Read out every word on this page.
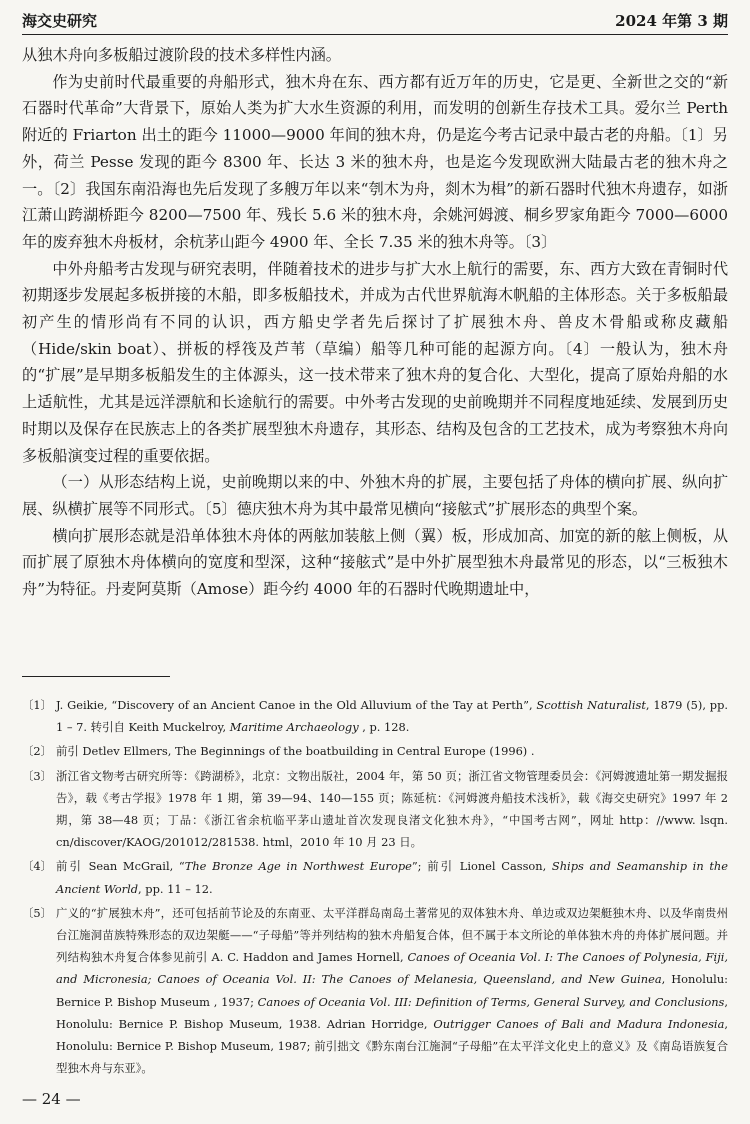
海交史研究	2024 年第 3 期

从独木舟向多板船过渡阶段的技术多样性内涵。

作为史前时代最重要的舟船形式，独木舟在东、西方都有近万年的历史，它是更、全新世之交的“新石器时代革命”大背景下，原始人类为扩大水生资源的利用，而发明的创新生存技术工具。爱尔兰 Perth 附近的 Friarton 出土的距今 11000—9000 年间的独木舟，仍是迄今考古记录中最古老的舟船。〔1〕另外，荷兰 Pesse 发现的距今 8300 年、长达 3 米的独木舟，也是迄今发现欧洲大陆最古老的独木舟之一。〔2〕我国东南沿海也先后发现了多艘万年以来“刳木为舟，剡木为楫”的新石器时代独木舟遗存，如浙江萧山跨湖桥距今 8200—7500 年、残长 5.6 米的独木舟，余姚河姆渡、桐乡罗家角距今 7000—6000 年的废弃独木舟板材，余杭茅山距今 4900 年、全长 7.35 米的独木舟等。〔3〕

中外舟船考古发现与研究表明，伴随着技术的进步与扩大水上航行的需要，东、西方大致在青铜时代初期逐步发展起多板拼接的木船，即多板船技术，并成为古代世界航海木帆船的主体形态。关于多板船最初产生的情形尚有不同的认识，西方船史学者先后探讨了扩展独木舟、兽皮木骨船或称皮藏船（Hide/skin boat）、拼板的桴筏及芦苇（草编）船等几种可能的起源方向。〔4〕一般认为，独木舟的“扩展”是早期多板船发生的主体源头，这一技术带来了独木舟的复合化、大型化，提高了原始舟船的水上适航性，尤其是远洋漂航和长途航行的需要。中外考古发现的史前晚期并不同程度地延续、发展到历史时期以及保存在民族志上的各类扩展型独木舟遗存，其形态、结构及包含的工艺技术，成为考察独木舟向多板船演变过程的重要依据。

（一）从形态结构上说，史前晚期以来的中、外独木舟的扩展，主要包括了舟体的横向扩展、纵向扩展、纵横扩展等不同形式。〔5〕德庆独木舟为其中最常见横向“接舷式”扩展形态的典型个案。

横向扩展形态就是沿单体独木舟体的两舷加装舷上侧（翼）板，形成加高、加宽的新的舷上侧板，从而扩展了原独木舟体横向的宽度和型深，这种“接舷式”是中外扩展型独木舟最常见的形态，以“三板独木舟”为特征。丹麦阿莫斯（Amose）距今约 4000 年的石器时代晚期遗址中，

〔1〕 J. Geikie, “Discovery of an Ancient Canoe in the Old Alluvium of the Tay at Perth”, Scottish Naturalist, 1879 (5), pp. 1 – 7. 转引自 Keith Muckelroy, Maritime Archaeology , p. 128.
〔2〕 前引 Detlev Ellmers, The Beginnings of the boatbuilding in Central Europe (1996) .
〔3〕 浙江省文物考古研究所等：《跨湖桥》，北京：文物出版社，2004 年，第 50 页；浙江省文物管理委员会：《河姆渡遗址第一期发掘报告》，载《考古学报》1978 年 1 期，第 39—94、140—155 页；陈延杭：《河姆渡舟船技术浅析》，载《海交史研究》1997 年 2 期，第 38—48 页；丁品：《浙江省余杭临平茅山遗址首次发现良渚文化独木舟》，“中国考古网”，网址 http：//www. lsqn. cn/discover/KAOG/201012/281538. html，2010 年 10 月 23 日。
〔4〕 前引 Sean McGrail, “The Bronze Age in Northwest Europe”; 前引 Lionel Casson, Ships and Seamanship in the Ancient World, pp. 11 – 12.
〔5〕 广义的“扩展独木舟”，还可包括前节论及的东南亚、太平洋群岛南岛土著常见的双体独木舟、单边或双边架艇独木舟、以及华南贵州台江施洞苗族特殊形态的双边架艇——“子母船”等并列结构的独木舟船复合体，但不属于本文所论的单体独木舟的舟体扩展问题。并列结构独木舟复合体参见前引 A. C. Haddon and James Hornell, Canoes of Oceania Vol. I: The Canoes of Polynesia, Fiji, and Micronesia; Canoes of Oceania Vol. II: The Canoes of Melanesia, Queensland, and New Guinea, Honolulu: Bernice P. Bishop Museum , 1937; Canoes of Oceania Vol. III: Definition of Terms, General Survey, and Conclusions, Honolulu: Bernice P. Bishop Museum, 1938. Adrian Horridge, Outrigger Canoes of Bali and Madura Indonesia, Honolulu: Bernice P. Bishop Museum, 1987; 前引拙文《黔东南台江施洞“子母船”在太平洋文化史上的意义》及《南岛语族复合型独木舟与东亚》。
— 24 —
